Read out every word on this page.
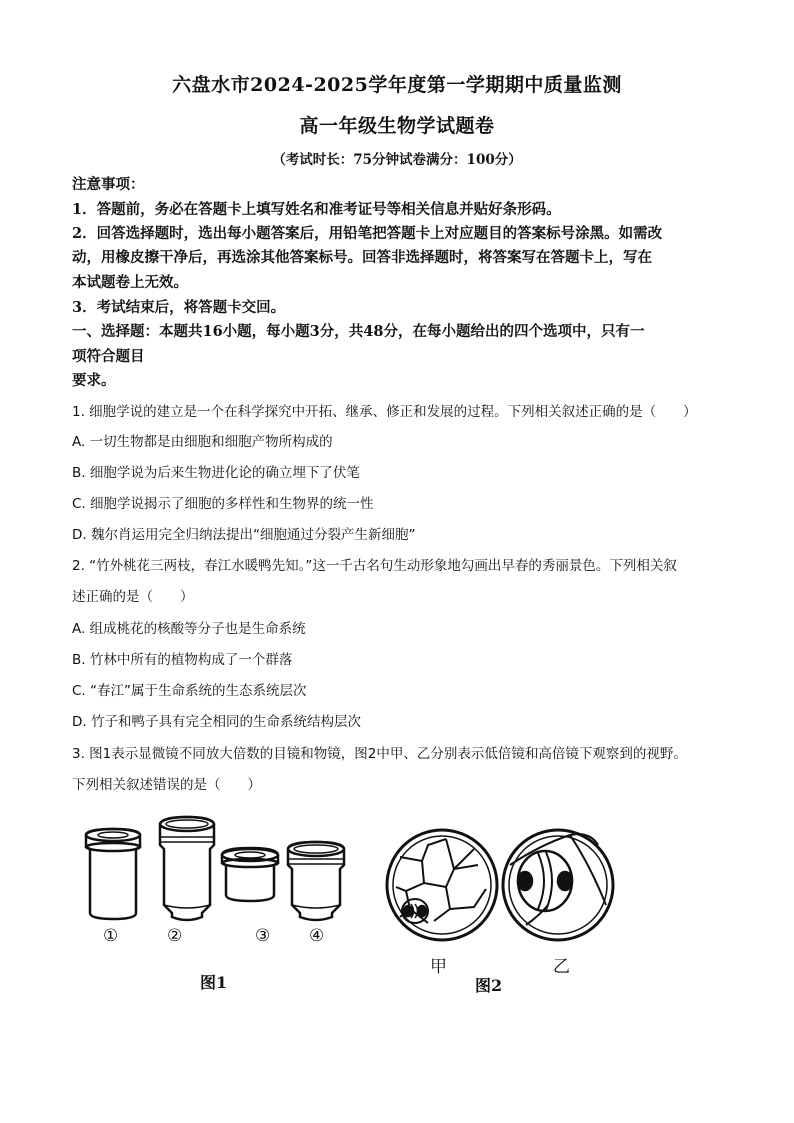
六盘水市2024-2025学年度第一学期期中质量监测
高一年级生物学试题卷
（考试时长：75分钟试卷满分：100分）
注意事项：
1．答题前，务必在答题卡上填写姓名和准考证号等相关信息并贴好条形码。
2．回答选择题时，选出每小题答案后，用铅笔把答题卡上对应题目的答案标号涂黑。如需改
动，用橡皮擦干净后，再选涂其他答案标号。回答非选择题时，将答案写在答题卡上，写在
本试题卷上无效。
3．考试结束后，将答题卡交回。
一、选择题：本题共16小题，每小题3分，共48分，在每小题给出的四个选项中，只有一
项符合题目
要求。
1. 细胞学说的建立是一个在科学探究中开拓、继承、修正和发展的过程。下列相关叙述正确的是（　　）
A. 一切生物都是由细胞和细胞产物所构成的
B. 细胞学说为后来生物进化论的确立埋下了伏笔
C. 细胞学说揭示了细胞的多样性和生物界的统一性
D. 魏尔肖运用完全归纳法提出“细胞通过分裂产生新细胞”
2. “竹外桃花三两枝，春江水暖鸭先知。”这一千古名句生动形象地勾画出早春的秀丽景色。下列相关叙
述正确的是（　　）
A. 组成桃花的核酸等分子也是生命系统
B. 竹林中所有的植物构成了一个群落
C. “春江”属于生命系统的生态系统层次
D. 竹子和鸭子具有完全相同的生命系统结构层次
3. 图1表示显微镜不同放大倍数的目镜和物镜，图2中甲、乙分别表示低倍镜和高倍镜下观察到的视野。
下列相关叙述错误的是（　　）
①	②	③ ④
图1
甲	乙
图2
